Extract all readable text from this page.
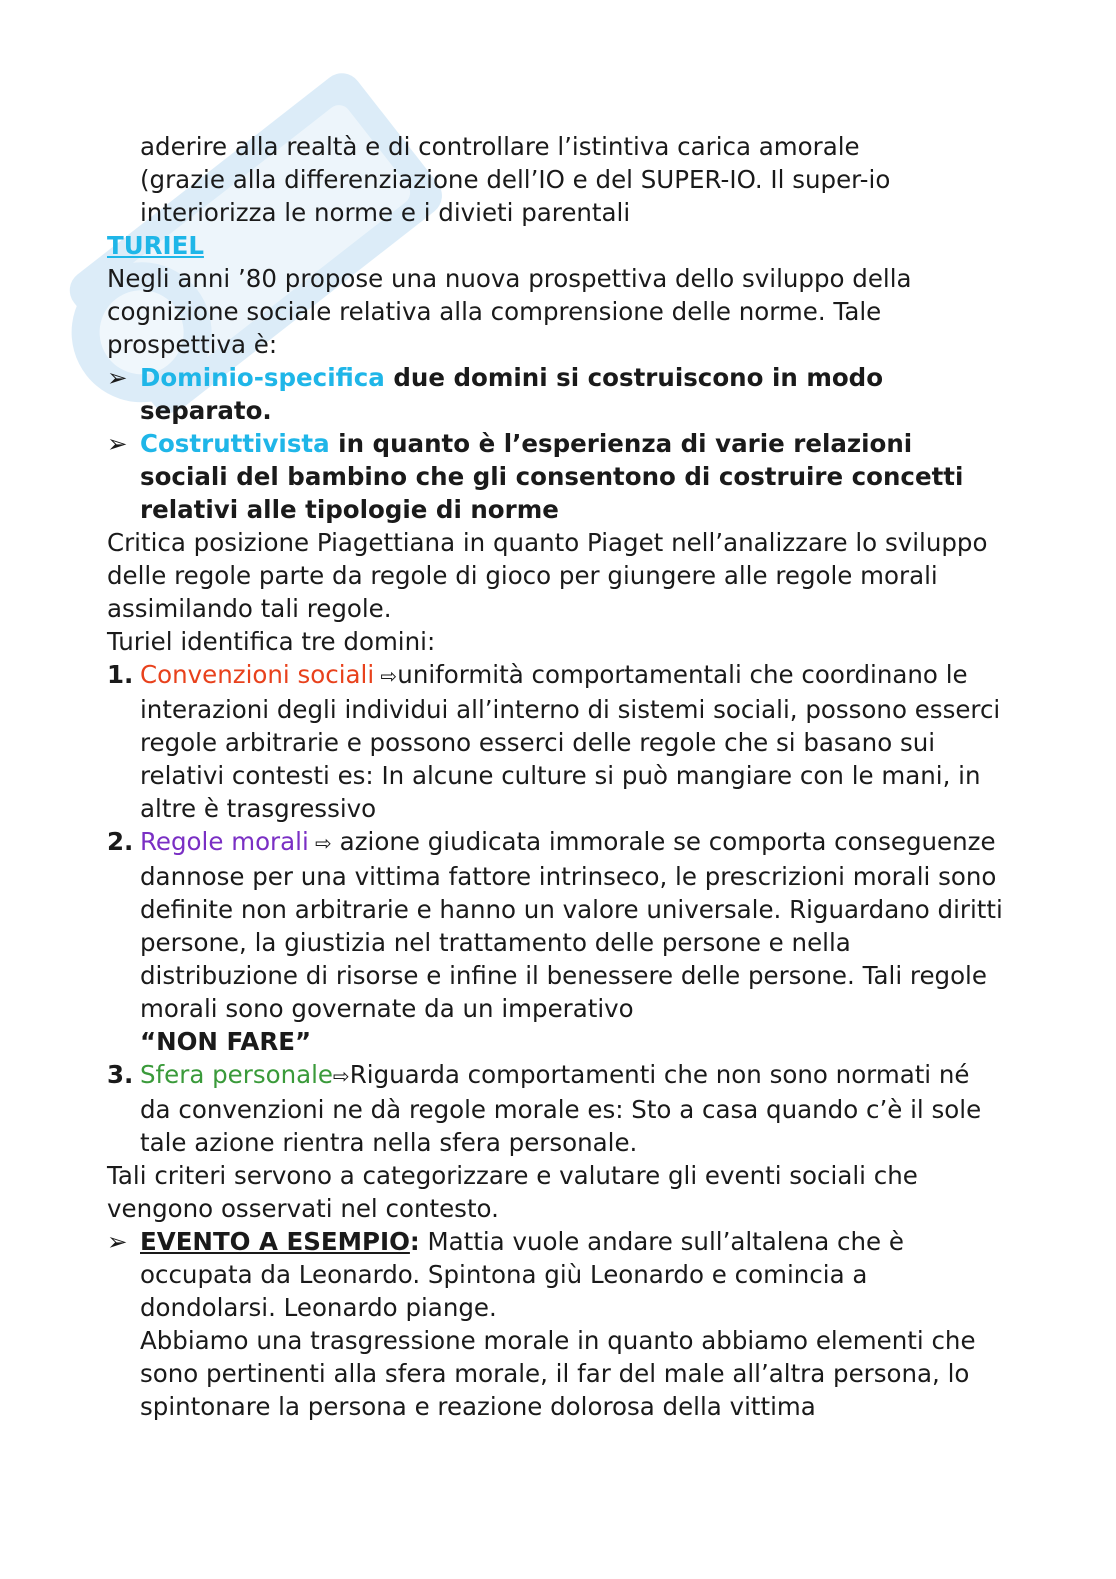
aderire alla realtà e di controllare l’istintiva carica amorale
(grazie alla differenziazione dell’IO e del SUPER-IO. Il super-io
interiorizza le norme e i divieti parentali
TURIEL
Negli anni ’80 propose una nuova prospettiva dello sviluppo della cognizione sociale relativa alla comprensione delle norme. Tale prospettiva è:
➢ Dominio-specifica due domini si costruiscono in modo separato.
➢ Costruttivista in quanto è l’esperienza di varie relazioni sociali del bambino che gli consentono di costruire concetti relativi alle tipologie di norme
Critica posizione Piagettiana in quanto Piaget nell’analizzare lo sviluppo delle regole parte da regole di gioco per giungere alle regole morali assimilando tali regole.
Turiel identifica tre domini:
1. Convenzioni sociali ⇨uniformità comportamentali che coordinano le interazioni degli individui all’interno di sistemi sociali, possono esserci regole arbitrarie e possono esserci delle regole che si basano sui relativi contesti es: In alcune culture si può mangiare con le mani, in altre è trasgressivo
2. Regole morali ⇨ azione giudicata immorale se comporta conseguenze dannose per una vittima fattore intrinseco, le prescrizioni morali sono definite non arbitrarie e hanno un valore universale. Riguardano diritti persone, la giustizia nel trattamento delle persone e nella distribuzione di risorse e infine il benessere delle persone. Tali regole morali sono governate da un imperativo
“NON FARE”
3. Sfera personale⇨Riguarda comportamenti che non sono normati né da convenzioni ne dà regole morale es: Sto a casa quando c’è il sole tale azione rientra nella sfera personale.
Tali criteri servono a categorizzare e valutare gli eventi sociali che vengono osservati nel contesto.
➢ EVENTO A ESEMPIO: Mattia vuole andare sull’altalena che è occupata da Leonardo. Spintona giù Leonardo e comincia a dondolarsi. Leonardo piange.
Abbiamo una trasgressione morale in quanto abbiamo elementi che sono pertinenti alla sfera morale, il far del male all’altra persona, lo spintonare la persona e reazione dolorosa della vittima
